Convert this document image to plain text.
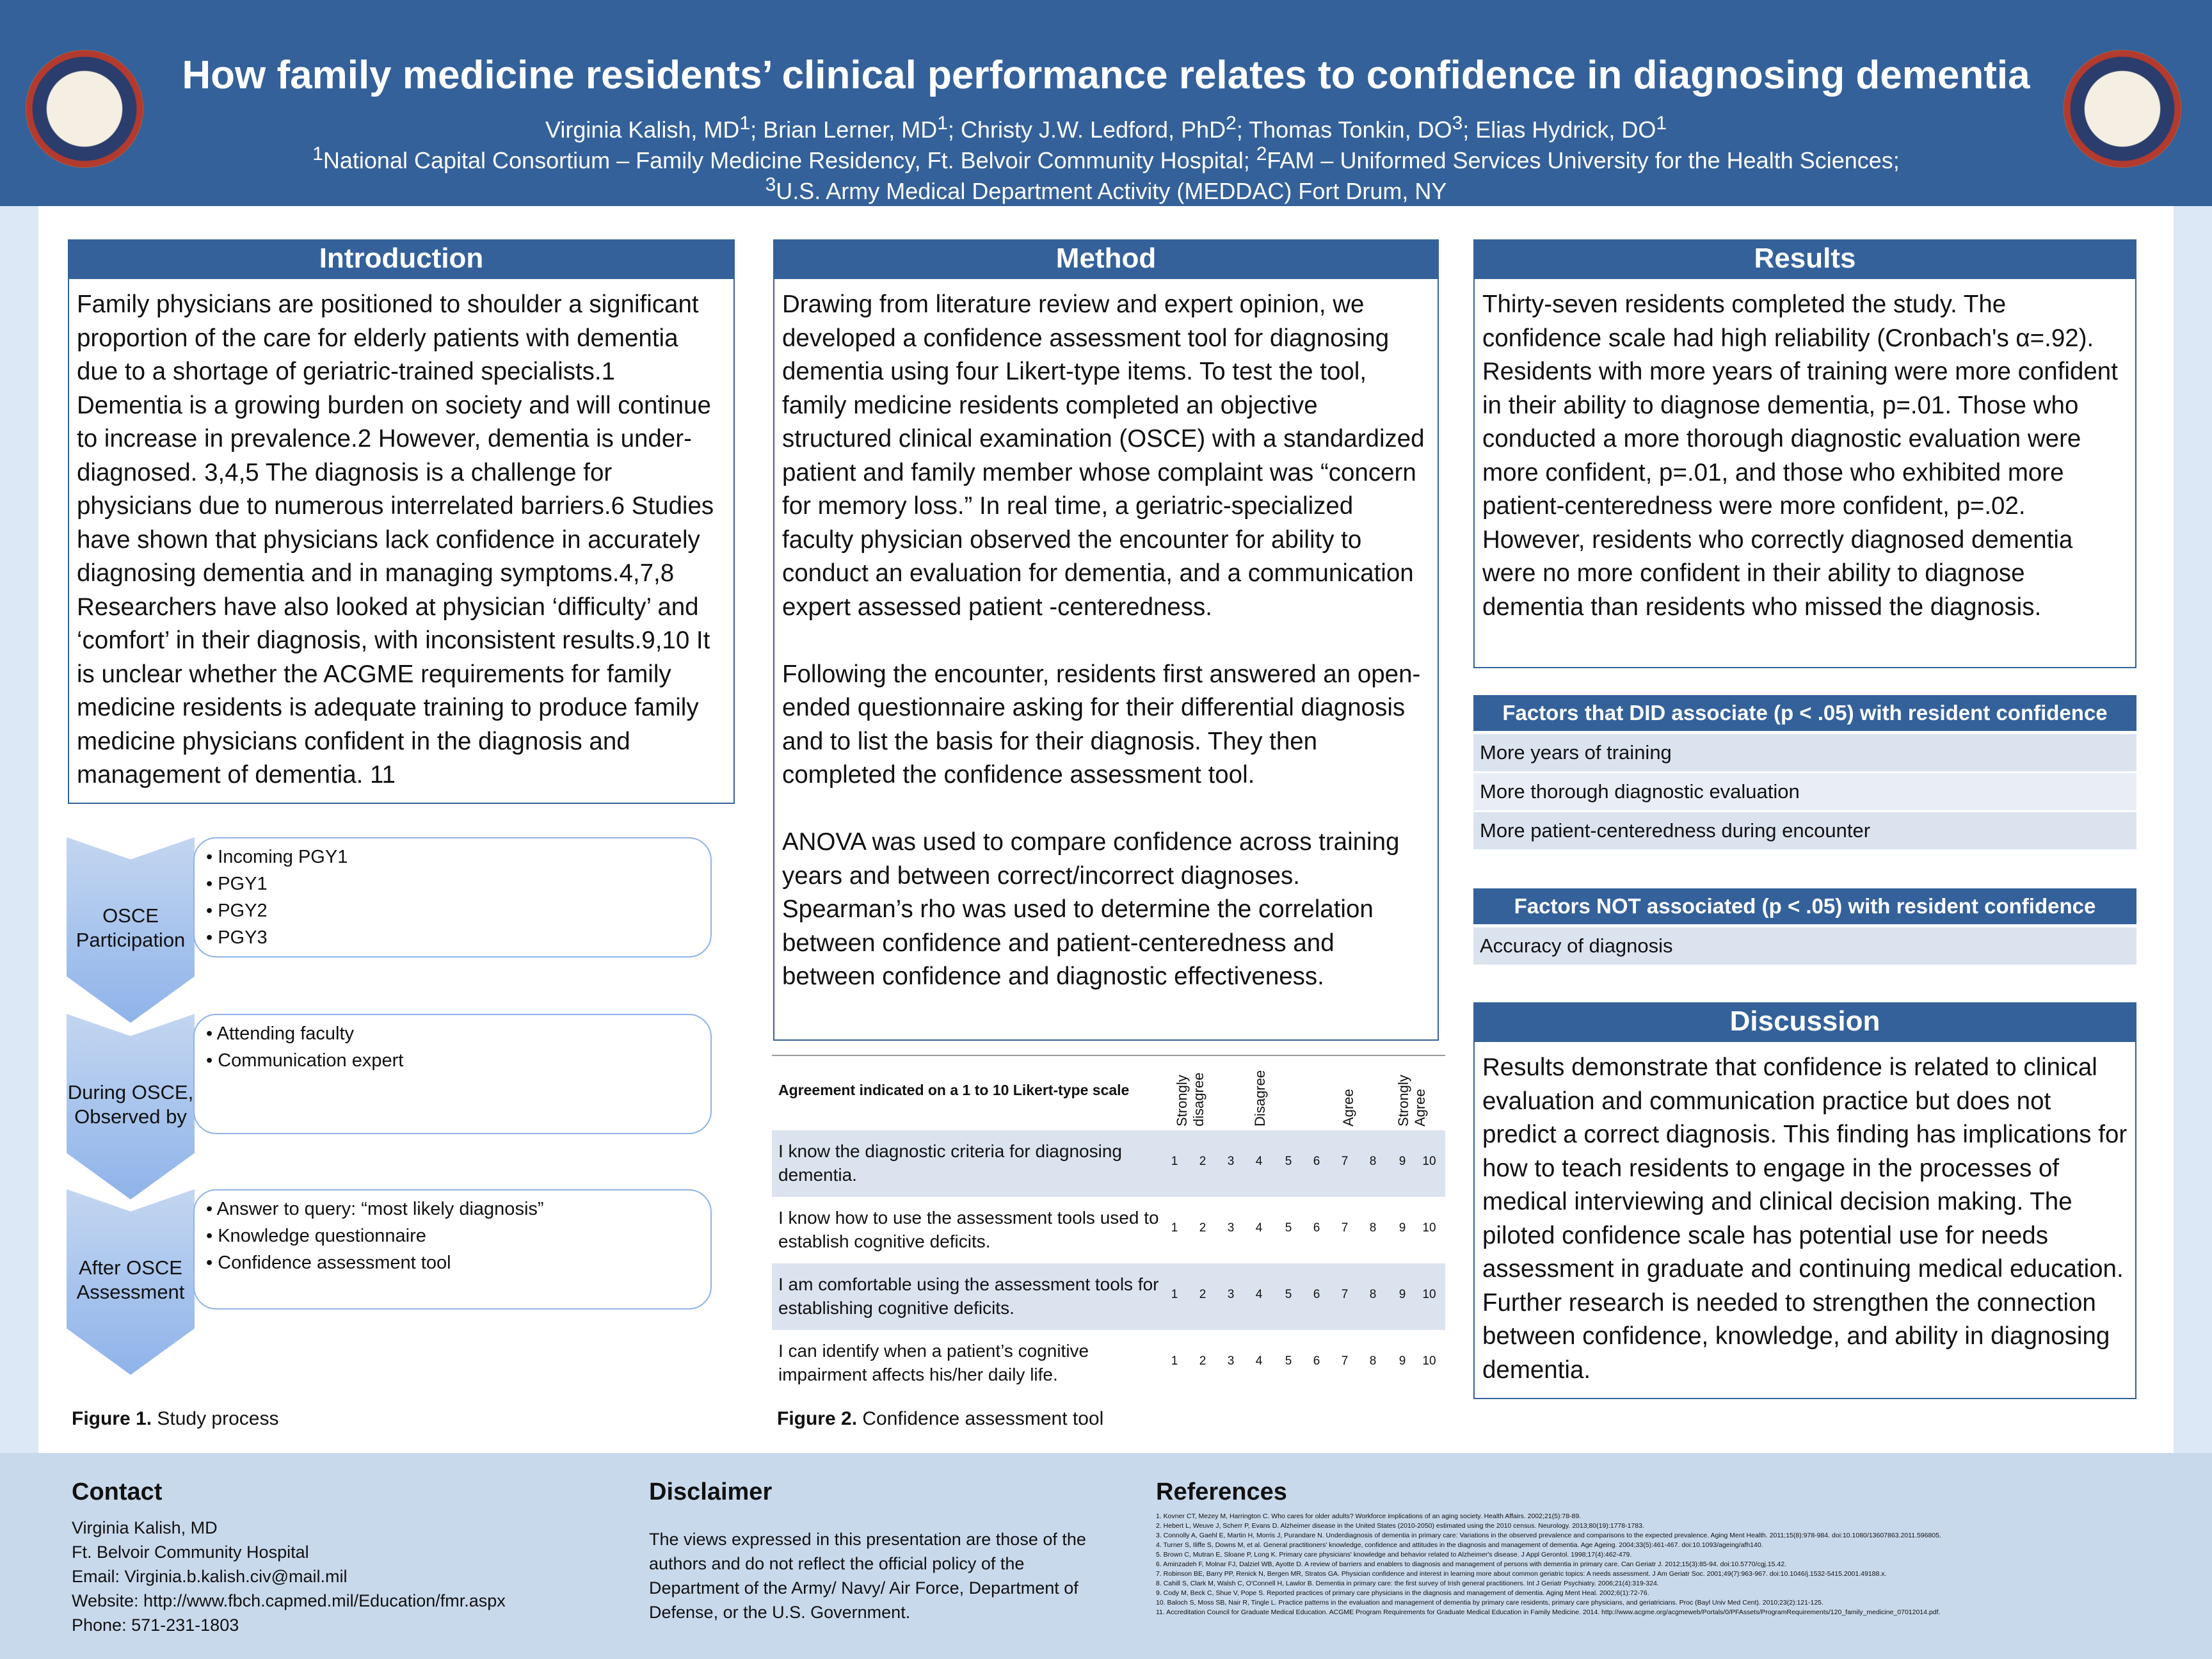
How family medicine residents’ clinical performance relates to confidence in diagnosing dementia
Virginia Kalish, $MD^1$; Brian Lerner, $MD^1$; Christy J.W. Ledford, PhD$^2$; Thomas Tonkin, $DO^3$; Elias Hydrick, $DO^1$
$^1$National Capital Consortium – Family Medicine Residency, Ft. Belvoir Community Hospital; $^2$FAM – Uniformed Services University for the Health Sciences;
$^3$U.S. Army Medical Department Activity (MEDDAC) Fort Drum, NY
Introduction

Family physicians are positioned to shoulder a significant proportion of the care for elderly patients with dementia due to a shortage of geriatric-trained specialists.1 Dementia is a growing burden on society and will continue to increase in prevalence.2 However, dementia is under-diagnosed. 3,4,5 The diagnosis is a challenge for physicians due to numerous interrelated barriers.6 Studies have shown that physicians lack confidence in accurately diagnosing dementia and in managing symptoms.4,7,8 Researchers have also looked at physician ‘difficulty’ and ‘comfort’ in their diagnosis, with inconsistent results.9,10 It is unclear whether the ACGME requirements for family medicine residents is adequate training to produce family medicine physicians confident in the diagnosis and management of dementia. 11

OSCE
Participation
• Incoming PGY1
• PGY1
• PGY2
• PGY3
During OSCE,
Observed by
• Attending faculty
• Communication expert
After OSCE
Assessment
• Answer to query: “most likely diagnosis”
• Knowledge questionnaire
• Confidence assessment tool
Figure 1. Study process
Method

Drawing from literature review and expert opinion, we developed a confidence assessment tool for diagnosing dementia using four Likert-type items. To test the tool, family medicine residents completed an objective structured clinical examination (OSCE) with a standardized patient and family member whose complaint was “concern for memory loss.” In real time, a geriatric-specialized faculty physician observed the encounter for ability to conduct an evaluation for dementia, and a communication expert assessed patient -centeredness.

Following the encounter, residents first answered an open-ended questionnaire asking for their differential diagnosis and to list the basis for their diagnosis. They then completed the confidence assessment tool.

ANOVA was used to compare confidence across training years and between correct/incorrect diagnoses. Spearman’s rho was used to determine the correlation between confidence and patient-centeredness and between confidence and diagnostic effectiveness.

Agreement indicated on a 1 to 10 Likert-type scale	Strongly disagree	Disagree	Agree	Strongly Agree
I know the diagnostic criteria for diagnosing dementia.
1	2	3	4	5	6	7	8	9	10
I know how to use the assessment tools used to establish cognitive deficits.
1	2	3	4	5	6	7	8	9	10
I am comfortable using the assessment tools for establishing cognitive deficits.
1	2	3	4	5	6	7	8	9	10
I can identify when a patient’s cognitive impairment affects his/her daily life.
1	2	3	4	5	6	7	8	9	10
Figure 2. Confidence assessment tool
Results

Thirty-seven residents completed the study. The confidence scale had high reliability (Cronbach's α=.92). Residents with more years of training were more confident in their ability to diagnose dementia, p=.01. Those who conducted a more thorough diagnostic evaluation were more confident, p=.01, and those who exhibited more patient-centeredness were more confident, p=.02. However, residents who correctly diagnosed dementia were no more confident in their ability to diagnose dementia than residents who missed the diagnosis.

Factors that DID associate (p < .05) with resident confidence
More years of training
More thorough diagnostic evaluation
More patient-centeredness during encounter
Factors NOT associated (p < .05) with resident confidence
Accuracy of diagnosis
Discussion

Results demonstrate that confidence is related to clinical evaluation and communication practice but does not predict a correct diagnosis. This finding has implications for how to teach residents to engage in the processes of medical interviewing and clinical decision making. The piloted confidence scale has potential use for needs assessment in graduate and continuing medical education. Further research is needed to strengthen the connection between confidence, knowledge, and ability in diagnosing dementia.

Contact
Virginia Kalish, MD
Ft. Belvoir Community Hospital
Email: Virginia.b.kalish.civ@mail.mil
Website: http://www.fbch.capmed.mil/Education/fmr.aspx
Phone: 571-231-1803
Disclaimer
The views expressed in this presentation are those of the authors and do not reflect the official policy of the Department of the Army/ Navy/ Air Force, Department of Defense, or the U.S. Government.
References
1. Kovner CT, Mezey M, Harrington C. Who cares for older adults? Workforce implications of an aging society. Health Affairs. 2002;21(5):78-89.
2. Hebert L, Weuve J, Scherr P, Evans D. Alzheimer disease in the United States (2010-2050) estimated using the 2010 census. Neurology. 2013;80(19):1778-1783.
3. Connolly A, Gaehl E, Martin H, Morris J, Purandare N. Underdiagnosis of dementia in primary care: Variations in the observed prevalence and comparisons to the expected prevalence. Aging Ment Health. 2011;15(8):978-984. doi:10.1080/13607863.2011.596805.
4. Turner S, Iliffe S, Downs M, et al. General practitioners' knowledge, confidence and attitudes in the diagnosis and management of dementia. Age Ageing. 2004;33(5):461-467. doi:10.1093/ageing/afh140.
5. Brown C, Mutran E, Sloane P, Long K. Primary care physicians' knowledge and behavior related to Alzheimer's disease. J Appl Gerontol. 1998;17(4):462-479.
6. Aminzadeh F, Molnar FJ, Dalziel WB, Ayotte D. A review of barriers and enablers to diagnosis and management of persons with dementia in primary care. Can Geriatr J. 2012;15(3):85-94. doi:10.5770/cgj.15.42.
7. Robinson BE, Barry PP, Renick N, Bergen MR, Stratos GA. Physician confidence and interest in learning more about common geriatric topics: A needs assessment. J Am Geriatr Soc. 2001;49(7):963-967. doi:10.1046/j.1532-5415.2001.49188.x.
8. Cahill S, Clark M, Walsh C, O'Connell H, Lawlor B. Dementia in primary care: the first survey of Irish general practitioners. Int J Geriatr Psychiatry. 2006;21(4):319-324.
9. Cody M, Beck C, Shue V, Pope S. Reported practices of primary care physicians in the diagnosis and management of dementia. Aging Ment Heal. 2002;6(1):72-76.
10. Baloch S, Moss SB, Nair R, Tingle L. Practice patterns in the evaluation and management of dementia by primary care residents, primary care physicians, and geriatricians. Proc (Bayl Univ Med Cent). 2010;23(2):121-125.
11. Accreditation Council for Graduate Medical Education. ACGME Program Requirements for Graduate Medical Education in Family Medicine. 2014. http://www.acgme.org/acgmeweb/Portals/0/PFAssets/ProgramRequirements/120_family_medicine_07012014.pdf.
